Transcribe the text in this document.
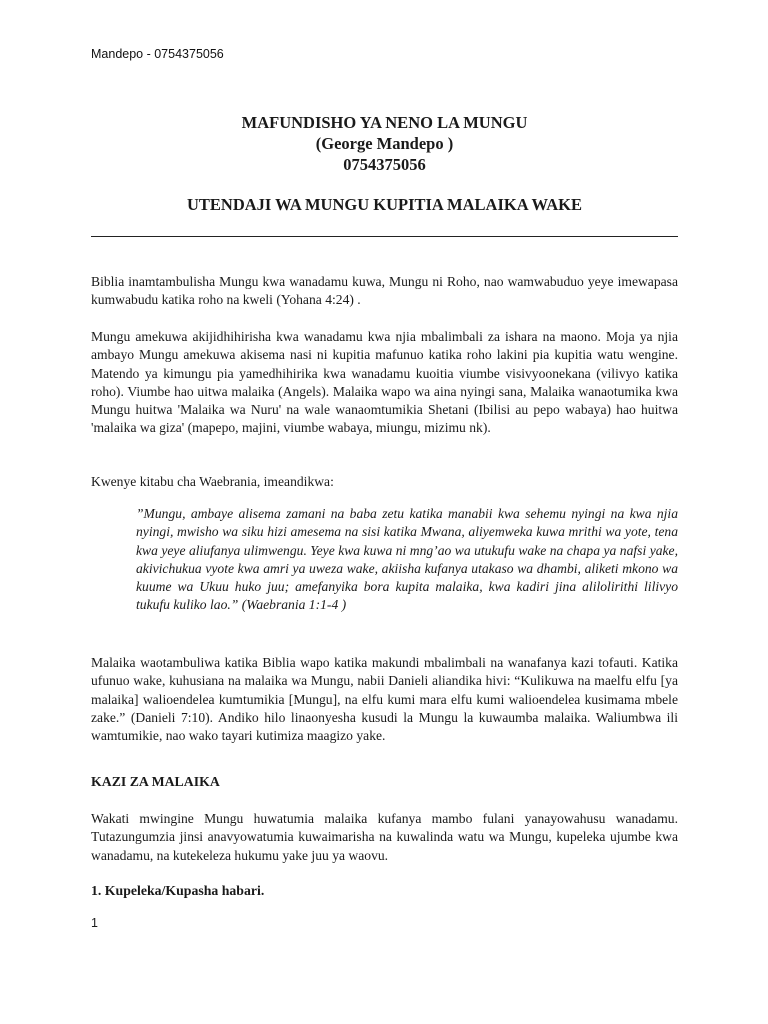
Mandepo - 0754375056
MAFUNDISHO YA NENO LA MUNGU
(George Mandepo )
0754375056
UTENDAJI WA MUNGU KUPITIA MALAIKA WAKE
Biblia inamtambulisha Mungu kwa wanadamu kuwa, Mungu ni Roho, nao wamwabuduo yeye imewapasa kumwabudu katika roho na kweli (Yohana 4:24) .
Mungu amekuwa akijidhihirisha kwa wanadamu kwa njia mbalimbali za ishara na maono. Moja ya njia ambayo Mungu amekuwa akisema nasi ni kupitia mafunuo katika roho lakini pia kupitia watu wengine. Matendo ya kimungu pia yamedhihirika kwa wanadamu kuoitia viumbe visivyoonekana (vilivyo katika roho). Viumbe hao uitwa malaika (Angels). Malaika wapo wa aina nyingi sana, Malaika wanaotumika kwa Mungu huitwa 'Malaika wa Nuru' na wale wanaomtumikia Shetani (Ibilisi au pepo wabaya) hao huitwa 'malaika wa giza' (mapepo, majini, viumbe wabaya, miungu, mizimu nk).
Kwenye kitabu cha Waebrania, imeandikwa:
”Mungu, ambaye alisema zamani na baba zetu katika manabii kwa sehemu nyingi na kwa njia nyingi, mwisho wa siku hizi amesema na sisi katika Mwana, aliyemweka kuwa mrithi wa yote, tena kwa yeye aliufanya ulimwengu. Yeye kwa kuwa ni mng’ao wa utukufu wake na chapa ya nafsi yake, akivichukua vyote kwa amri ya uweza wake, akiisha kufanya utakaso wa dhambi, aliketi mkono wa kuume wa Ukuu huko juu; amefanyika bora kupita malaika, kwa kadiri jina alilolirithi lilivyo tukufu kuliko lao.” (Waebrania 1:1-4 )
Malaika waotambuliwa katika Biblia wapo katika makundi mbalimbali na wanafanya kazi tofauti. Katika ufunuo wake, kuhusiana na malaika wa Mungu, nabii Danieli aliandika hivi: “Kulikuwa na maelfu elfu [ya malaika] walioendelea kumtumikia [Mungu], na elfu kumi mara elfu kumi walioendelea kusimama mbele zake.” (Danieli 7:10). Andiko hilo linaonyesha kusudi la Mungu la kuwaumba malaika. Waliumbwa ili wamtumikie, nao wako tayari kutimiza maagizo yake.
KAZI ZA MALAIKA
Wakati mwingine Mungu huwatumia malaika kufanya mambo fulani yanayowahusu wanadamu. Tutazungumzia jinsi anavyowatumia kuwaimarisha na kuwalinda watu wa Mungu, kupeleka ujumbe kwa wanadamu, na kutekeleza hukumu yake juu ya waovu.
1. Kupeleka/Kupasha habari.
1
